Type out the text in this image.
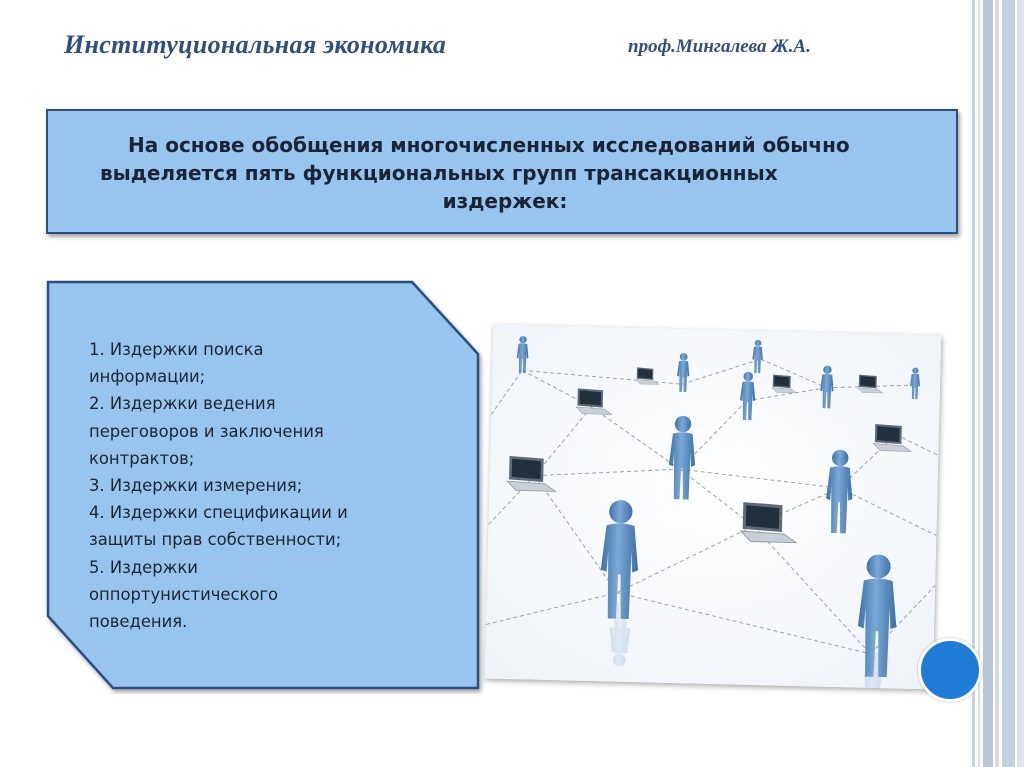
Институциональная экономика	проф.Мингалева Ж.А.
На основе обобщения многочисленных исследований обычно
выделяется пять функциональных групп трансакционных
издержек:
1. Издержки поиска
информации;
2. Издержки ведения
переговоров и заключения
контрактов;
3. Издержки измерения;
4. Издержки спецификации и
защиты прав собственности;
5. Издержки
оппортунистического
поведения.
